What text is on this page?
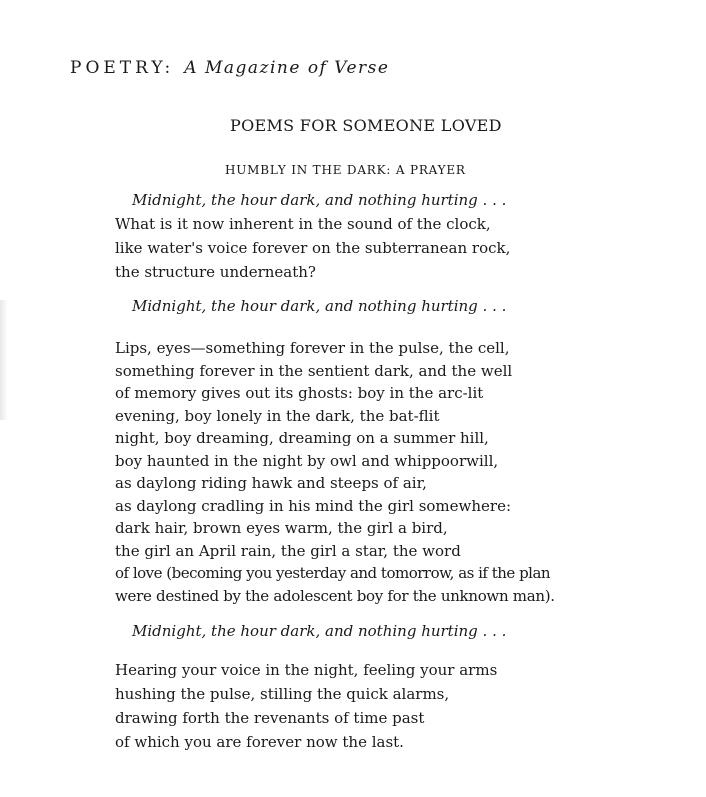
POETRY: A Magazine of Verse
POEMS FOR SOMEONE LOVED
HUMBLY IN THE DARK: A PRAYER
Midnight, the hour dark, and nothing hurting . . .
What is it now inherent in the sound of the clock,
like water's voice forever on the subterranean rock,
the structure underneath?
Midnight, the hour dark, and nothing hurting . . .
Lips, eyes—something forever in the pulse, the cell,
something forever in the sentient dark, and the well
of memory gives out its ghosts: boy in the arc-lit
evening, boy lonely in the dark, the bat-flit
night, boy dreaming, dreaming on a summer hill,
boy haunted in the night by owl and whippoorwill,
as daylong riding hawk and steeps of air,
as daylong cradling in his mind the girl somewhere:
dark hair, brown eyes warm, the girl a bird,
the girl an April rain, the girl a star, the word
of love (becoming you yesterday and tomorrow, as if the plan
were destined by the adolescent boy for the unknown man).
Midnight, the hour dark, and nothing hurting . . .
Hearing your voice in the night, feeling your arms
hushing the pulse, stilling the quick alarms,
drawing forth the revenants of time past
of which you are forever now the last.
